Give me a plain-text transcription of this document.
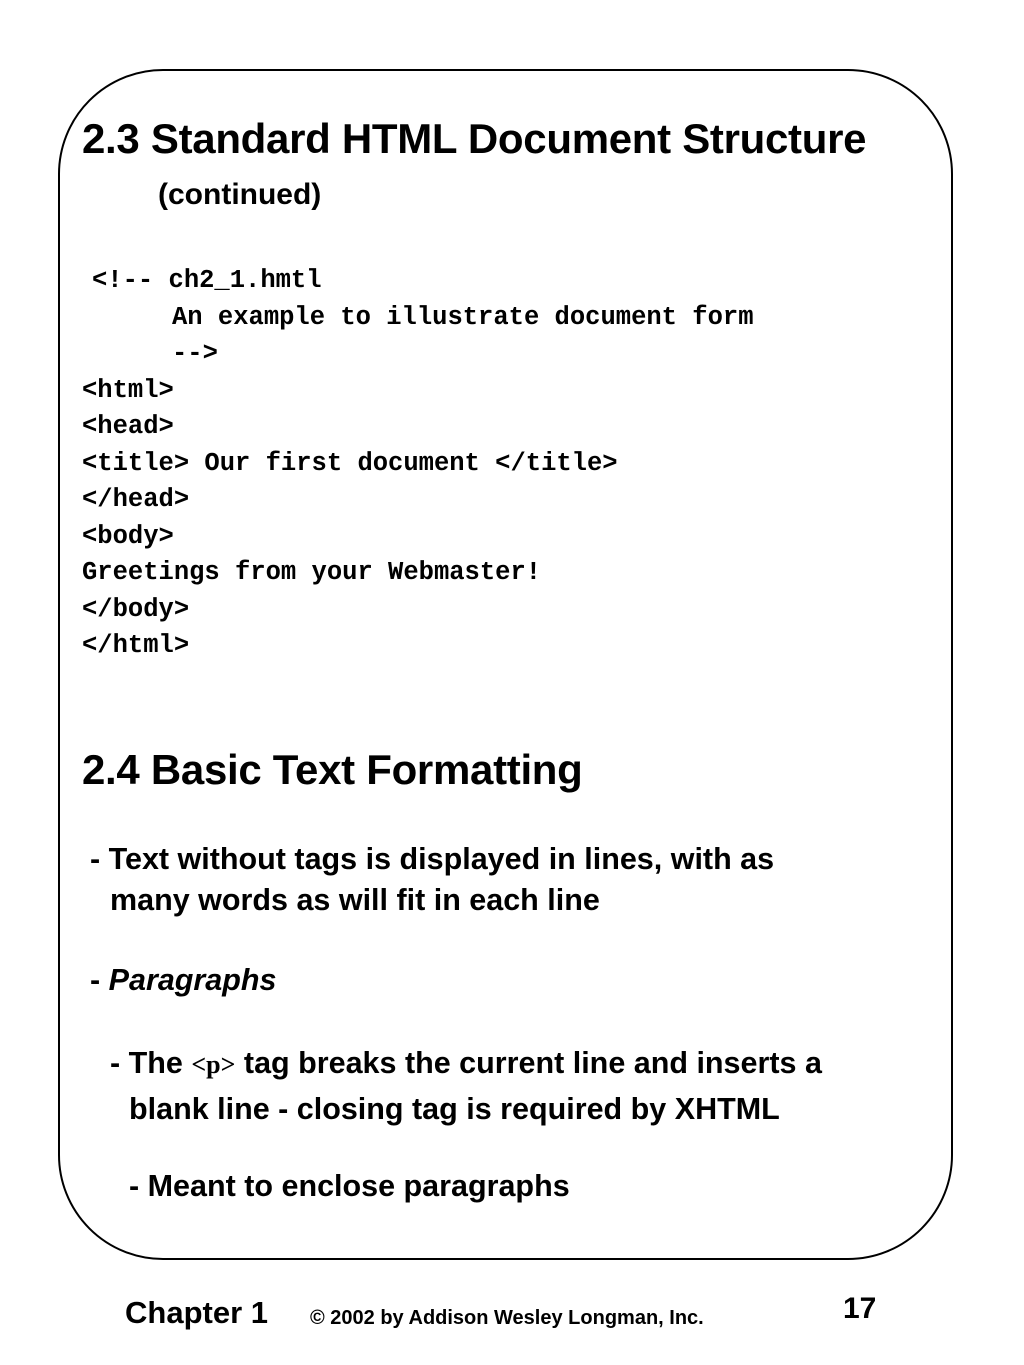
2.3 Standard HTML Document Structure
(continued)
<!-- ch2_1.hmtl
An example to illustrate document form
-->
<html>
<head>
<title> Our first document </title>
</head>
<body>
Greetings from your Webmaster!
</body>
</html>
2.4 Basic Text Formatting
- Text without tags is displayed in lines, with as
many words as will fit in each line
- Paragraphs
- The <p> tag breaks the current line and inserts a
blank line - closing tag is required by XHTML
- Meant to enclose paragraphs
Chapter 1 © 2002 by Addison Wesley Longman, Inc.	17
